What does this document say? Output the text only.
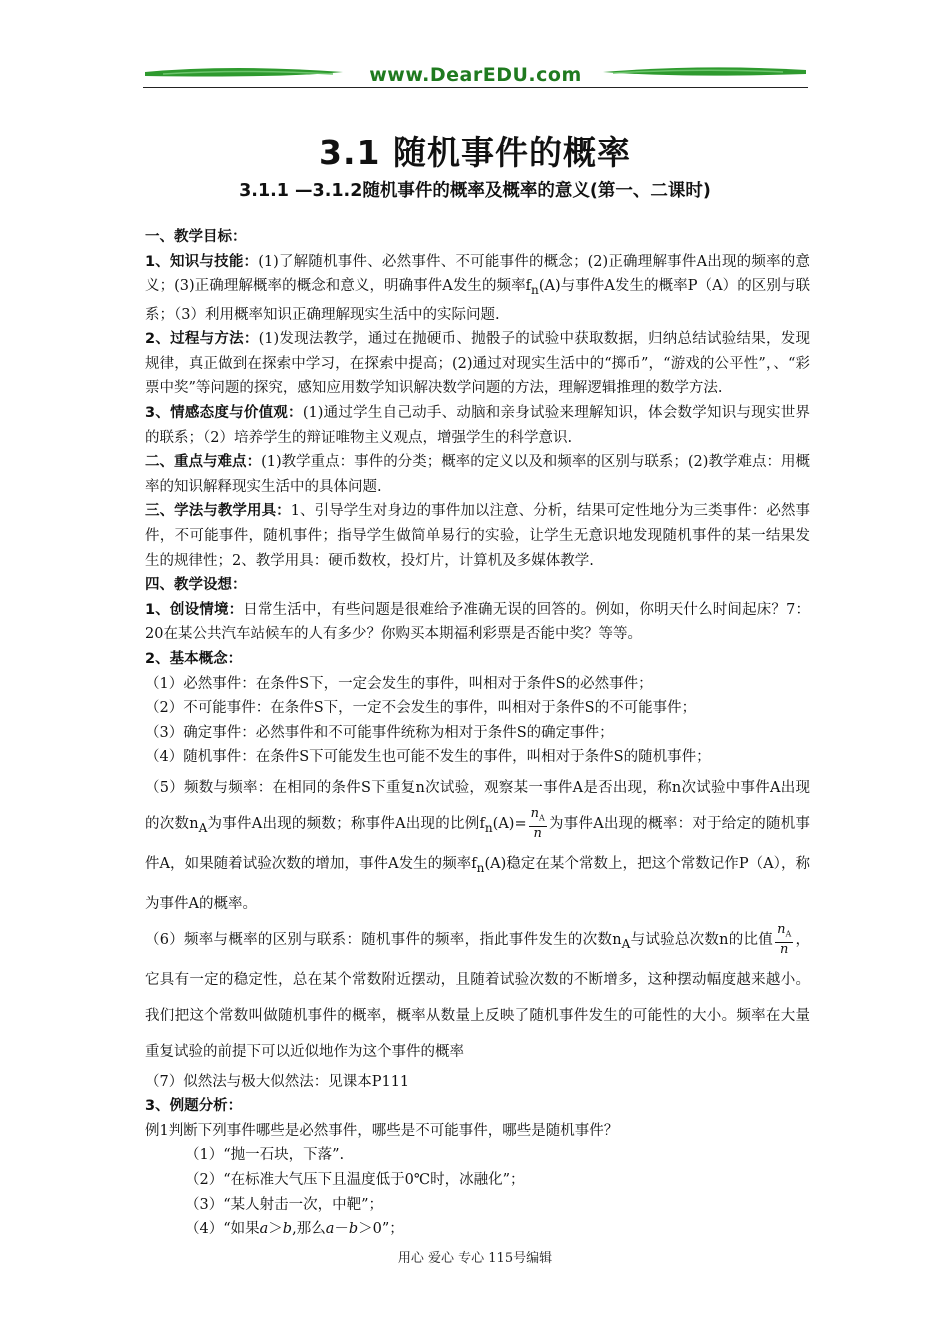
www.DearEDU.com
3.1 随机事件的概率
3.1.1 —3.1.2随机事件的概率及概率的意义(第一、二课时)

一、教学目标：

1、知识与技能：(1)了解随机事件、必然事件、不可能事件的概念；(2)正确理解事件A出现的频率的意义；(3)正确理解概率的概念和意义，明确事件A发生的频率$f_n(A)$与事件A发生的概率P（A）的区别与联系；（3）利用概率知识正确理解现实生活中的实际问题.

2、过程与方法：(1)发现法教学，通过在抛硬币、抛骰子的试验中获取数据，归纳总结试验结果，发现规律，真正做到在探索中学习，在探索中提高；(2)通过对现实生活中的“掷币”，“游戏的公平性”，、“彩票中奖”等问题的探究，感知应用数学知识解决数学问题的方法，理解逻辑推理的数学方法.

3、情感态度与价值观：(1)通过学生自己动手、动脑和亲身试验来理解知识，体会数学知识与现实世界的联系；（2）培养学生的辩证唯物主义观点，增强学生的科学意识.

二、重点与难点：(1)教学重点：事件的分类；概率的定义以及和频率的区别与联系；(2)教学难点：用概率的知识解释现实生活中的具体问题.

三、学法与教学用具：1、引导学生对身边的事件加以注意、分析，结果可定性地分为三类事件：必然事件，不可能事件，随机事件；指导学生做简单易行的实验，让学生无意识地发现随机事件的某一结果发生的规律性；2、教学用具：硬币数枚，投灯片，计算机及多媒体教学.

四、教学设想：

1、创设情境：日常生活中，有些问题是很难给予准确无误的回答的。例如，你明天什么时间起床？7：20在某公共汽车站候车的人有多少？你购买本期福利彩票是否能中奖？等等。

2、基本概念：

（1）必然事件：在条件S下，一定会发生的事件，叫相对于条件S的必然事件；

（2）不可能事件：在条件S下，一定不会发生的事件，叫相对于条件S的不可能事件；

（3）确定事件：必然事件和不可能事件统称为相对于条件S的确定事件；

（4）随机事件：在条件S下可能发生也可能不发生的事件，叫相对于条件S的随机事件；

（5）频数与频率：在相同的条件S下重复n次试验，观察某一事件A是否出现，称n次试验中事件A出现的次数$n_A$为事件A出现的频数；称事件A出现的比例$f_n(A)= \frac{n_A}{n}$ 为事件A出现的概率：对于给定的随机事件A，如果随着试验次数的增加，事件A发生的频率$f_n(A)$稳定在某个常数上，把这个常数记作P（A），称为事件A的概率。

（6）频率与概率的区别与联系：随机事件的频率，指此事件发生的次数$n_A$与试验总次数n的比值 $\frac{n_A}{n}$ ，它具有一定的稳定性，总在某个常数附近摆动，且随着试验次数的不断增多，这种摆动幅度越来越小。我们把这个常数叫做随机事件的概率，概率从数量上反映了随机事件发生的可能性的大小。频率在大量重复试验的前提下可以近似地作为这个事件的概率

（7）似然法与极大似然法：见课本P111

3、例题分析：

例1判断下列事件哪些是必然事件，哪些是不可能事件，哪些是随机事件？

（1）“抛一石块，下落”.

（2）“在标准大气压下且温度低于0℃时，冰融化”；

（3）“某人射击一次，中靶”；

（4）“如果a＞b,那么a－b＞0”；

用心 爱心 专心 115号编辑
